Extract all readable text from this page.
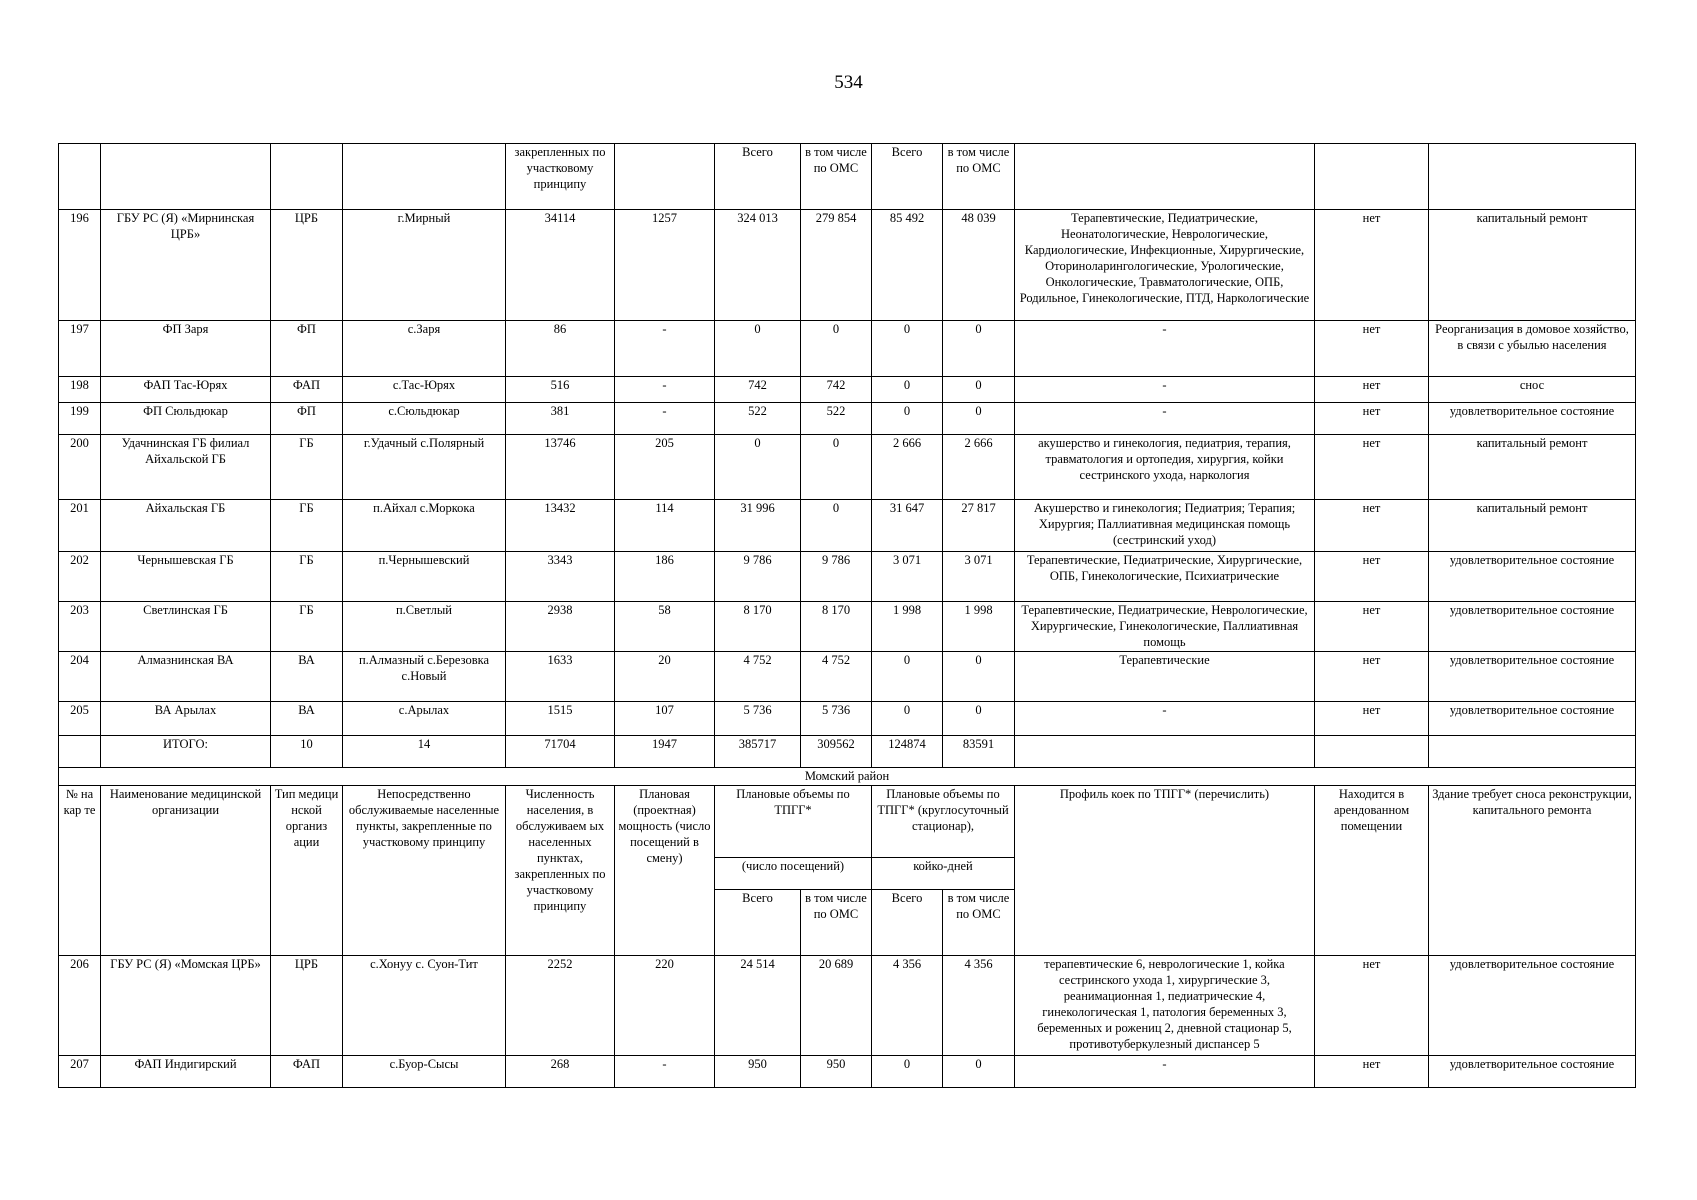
534
				закрепленных по участковому принципу		Всего	в том числе по ОМС	Всего	в том числе по ОМС			
196	ГБУ РС (Я) «Мирнинская ЦРБ»	ЦРБ	г.Мирный	34114	1257	324 013	279 854	85 492	48 039	Терапевтические, Педиатрические, Неонатологические, Неврологические, Кардиологические, Инфекционные, Хирургические, Оториноларингологические, Урологические, Онкологические, Травматологические, ОПБ, Родильное, Гинекологические, ПТД, Наркологические	нет	капитальный ремонт
197	ФП Заря	ФП	с.Заря	86	-	0	0	0	0	-	нет	Реорганизация в домовое хозяйство, в связи с убылью населения
198	ФАП Тас-Юрях	ФАП	с.Тас-Юрях	516	-	742	742	0	0	-	нет	снос
199	ФП Сюльдюкар	ФП	с.Сюльдюкар	381	-	522	522	0	0	-	нет	удовлетворительное состояние
200	Удачнинская ГБ филиал Айхальской ГБ	ГБ	г.Удачный с.Полярный	13746	205	0	0	2 666	2 666	акушерство и гинекология, педиатрия, терапия, травматология и ортопедия, хирургия, койки сестринского ухода, наркология	нет	капитальный ремонт
201	Айхальская ГБ	ГБ	п.Айхал с.Моркока	13432	114	31 996	0	31 647	27 817	Акушерство и гинекология; Педиатрия; Терапия; Хирургия; Паллиативная медицинская помощь (сестринский уход)	нет	капитальный ремонт
202	Чернышевская ГБ	ГБ	п.Чернышевский	3343	186	9 786	9 786	3 071	3 071	Терапевтические, Педиатрические, Хирургические, ОПБ, Гинекологические, Психиатрические	нет	удовлетворительное состояние
203	Светлинская ГБ	ГБ	п.Светлый	2938	58	8 170	8 170	1 998	1 998	Терапевтические, Педиатрические, Неврологические, Хирургические, Гинекологические, Паллиативная помощь	нет	удовлетворительное состояние
204	Алмазнинская ВА	ВА	п.Алмазный с.Березовка с.Новый	1633	20	4 752	4 752	0	0	Терапевтические	нет	удовлетворительное состояние
205	ВА Арылах	ВА	с.Арылах	1515	107	5 736	5 736	0	0	-	нет	удовлетворительное состояние
	ИТОГО:	10	14	71704	1947	385717	309562	124874	83591			
Момский район												
№ на кар те	Наименование медицинской организации	Тип медици нской организ ации	Непосредственно обслуживаемые населенные пункты, закрепленные по участковому принципу	Численность населения, в обслуживаем ых населенных пунктах, закрепленных по участковому принципу	Плановая (проектная) мощность (число посещений в смену)	Плановые объемы по ТПГГ*		Плановые объемы по ТПГГ* (круглосуточный стационар),		Профиль коек по ТПГГ* (перечислить)	Находится в арендованном помещении	Здание требует сноса реконструкции, капитального ремонта
						(число посещений)		койко-дней				
						Всего	в том числе по ОМС	Всего	в том числе по ОМС			
206	ГБУ РС (Я) «Момская ЦРБ»	ЦРБ	с.Хонуу с. Суон-Тит	2252	220	24 514	20 689	4 356	4 356	терапевтические 6, неврологические 1, койка сестринского ухода 1, хирургические 3, реанимационная 1, педиатрические 4, гинекологическая 1, патология беременных 3, беременных и рожениц 2, дневной стационар 5, противотуберкулезный диспансер 5	нет	удовлетворительное состояние
207	ФАП Индигирский	ФАП	с.Буор-Сысы	268	-	950	950	0	0	-	нет	удовлетворительное состояние
